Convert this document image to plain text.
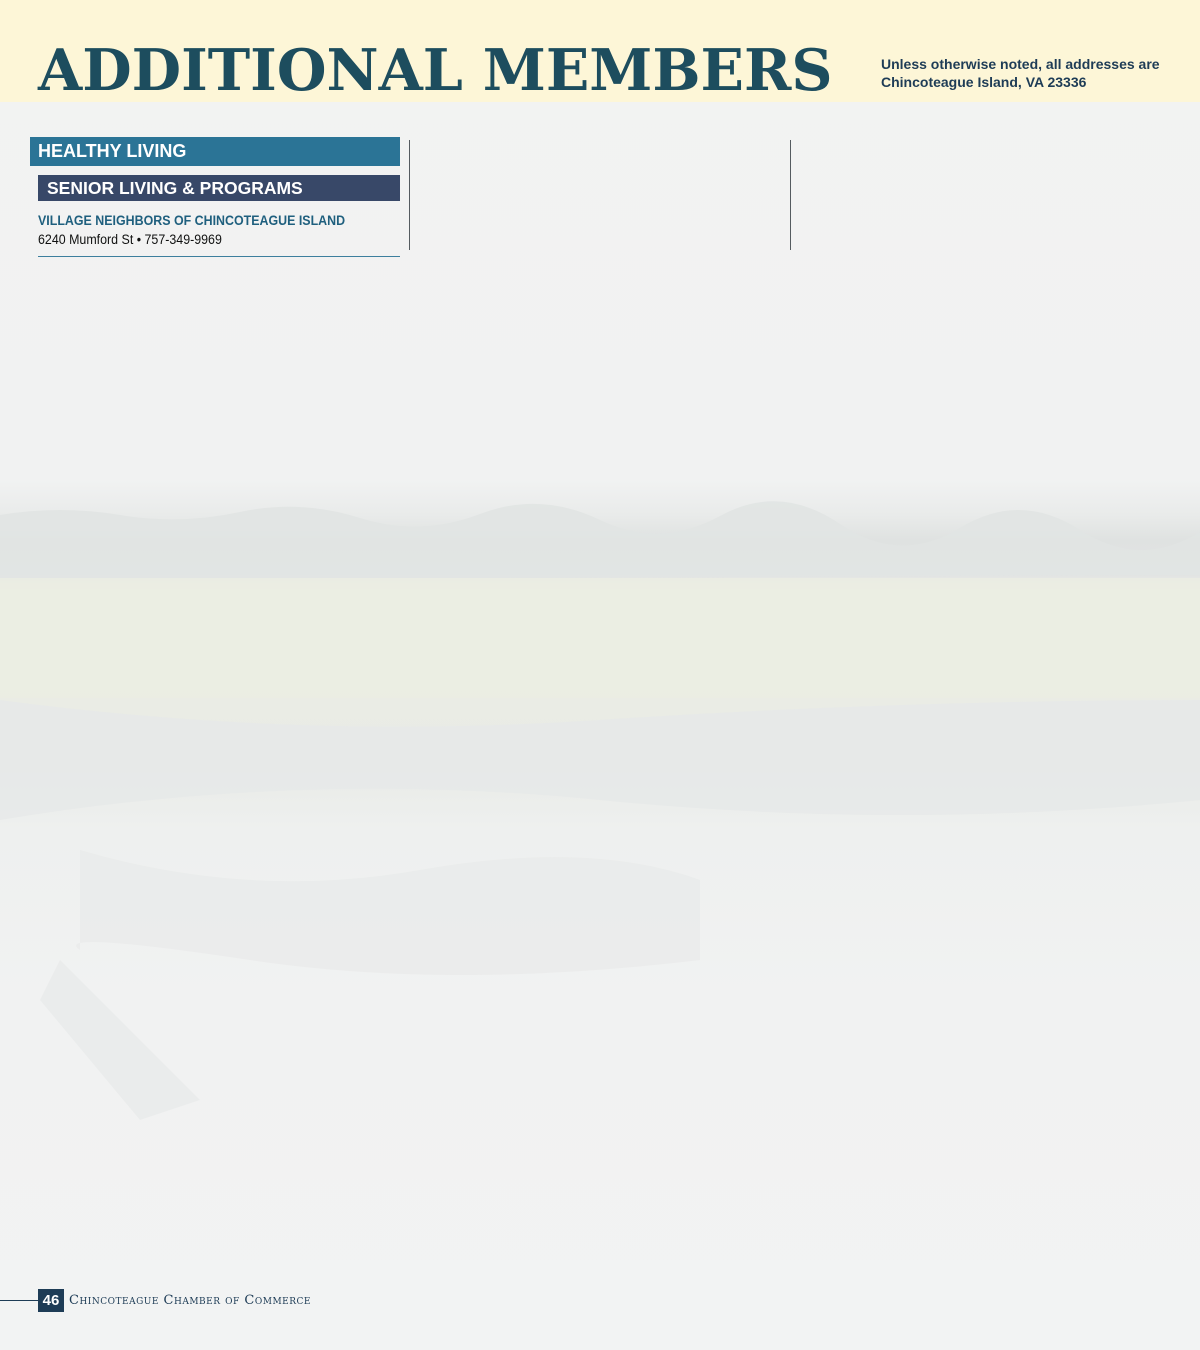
ADDITIONAL MEMBERS	Unless otherwise noted, all addresses are Chincoteague Island, VA 23336
HEALTHY LIVING
SENIOR LIVING & PROGRAMS
VILLAGE NEIGHBORS OF CHINCOTEAGUE ISLAND
6240 Mumford St • 757-349-9969
46 Chincoteague Chamber of Commerce
